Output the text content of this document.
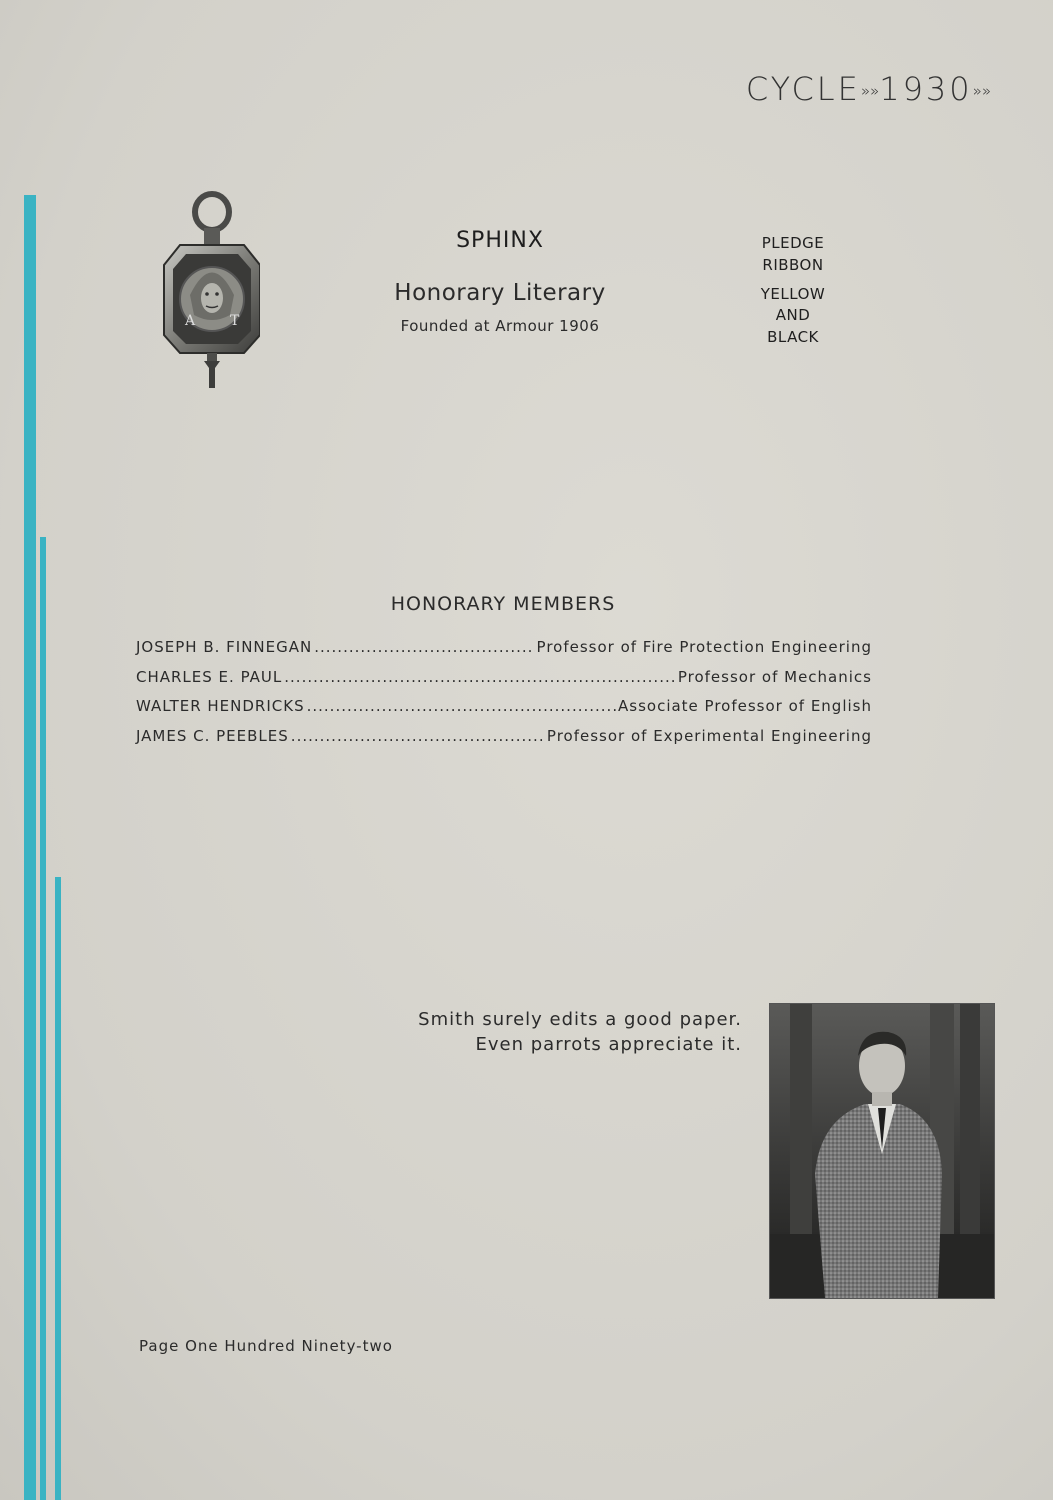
CYCLE»»1930»»
A T
SPHINX
Honorary Literary
Founded at Armour 1906
PLEDGE
RIBBON
YELLOW
AND
BLACK
HONORARY MEMBERS
JOSEPH B. FINNEGAN .....	Professor of Fire Protection Engineering
CHARLES E. PAUL .....	Professor of Mechanics
WALTER HENDRICKS .....	Associate Professor of English
JAMES C. PEEBLES .....	Professor of Experimental Engineering
Smith surely edits a good paper.
Even parrots appreciate it.
Page One Hundred Ninety-two
